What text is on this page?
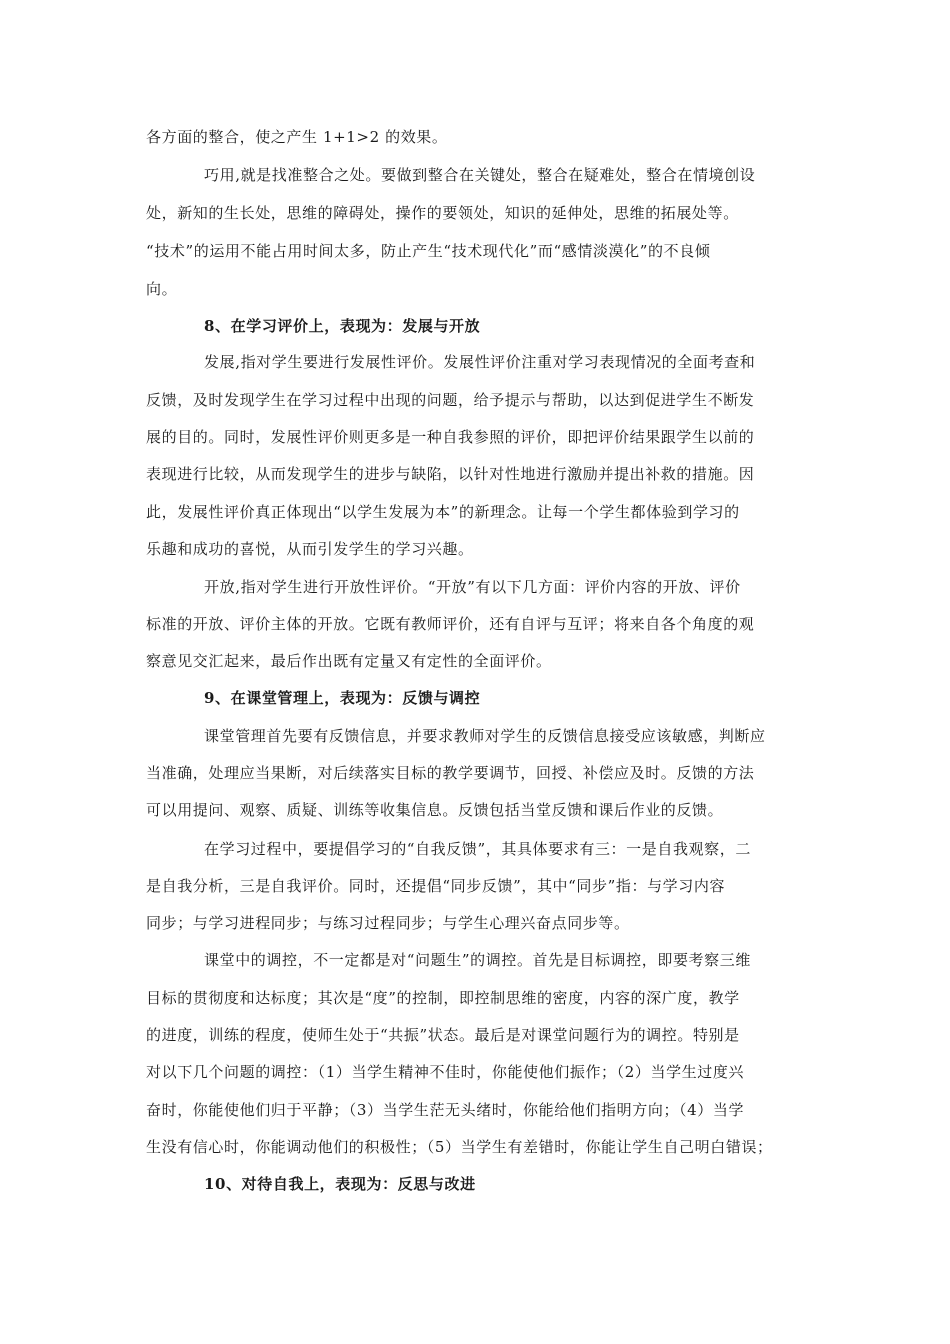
各方面的整合，使之产生 1+1>2 的效果。
巧用,就是找准整合之处。要做到整合在关键处，整合在疑难处，整合在情境创设
处，新知的生长处，思维的障碍处，操作的要领处，知识的延伸处，思维的拓展处等。
“技术”的运用不能占用时间太多，防止产生“技术现代化”而“感情淡漠化”的不良倾
向。
8、在学习评价上，表现为：发展与开放
发展,指对学生要进行发展性评价。发展性评价注重对学习表现情况的全面考查和
反馈，及时发现学生在学习过程中出现的问题，给予提示与帮助，以达到促进学生不断发
展的目的。同时，发展性评价则更多是一种自我参照的评价，即把评价结果跟学生以前的
表现进行比较，从而发现学生的进步与缺陷，以针对性地进行激励并提出补救的措施。因
此，发展性评价真正体现出“以学生发展为本”的新理念。让每一个学生都体验到学习的
乐趣和成功的喜悦，从而引发学生的学习兴趣。
开放,指对学生进行开放性评价。“开放”有以下几方面：评价内容的开放、评价
标准的开放、评价主体的开放。它既有教师评价，还有自评与互评；将来自各个角度的观
察意见交汇起来，最后作出既有定量又有定性的全面评价。
9、在课堂管理上，表现为：反馈与调控
课堂管理首先要有反馈信息，并要求教师对学生的反馈信息接受应该敏感，判断应
当准确，处理应当果断，对后续落实目标的教学要调节，回授、补偿应及时。反馈的方法
可以用提问、观察、质疑、训练等收集信息。反馈包括当堂反馈和课后作业的反馈。
在学习过程中，要提倡学习的“自我反馈”，其具体要求有三：一是自我观察，二
是自我分析，三是自我评价。同时，还提倡“同步反馈”，其中“同步”指：与学习内容
同步；与学习进程同步；与练习过程同步；与学生心理兴奋点同步等。
课堂中的调控，不一定都是对“问题生”的调控。首先是目标调控，即要考察三维
目标的贯彻度和达标度；其次是“度”的控制，即控制思维的密度，内容的深广度，教学
的进度，训练的程度，使师生处于“共振”状态。最后是对课堂问题行为的调控。特别是
对以下几个问题的调控：（1）当学生精神不佳时，你能使他们振作；（2）当学生过度兴
奋时，你能使他们归于平静；（3）当学生茫无头绪时，你能给他们指明方向；（4）当学
生没有信心时，你能调动他们的积极性；（5）当学生有差错时，你能让学生自己明白错误；
10、对待自我上，表现为：反思与改进
